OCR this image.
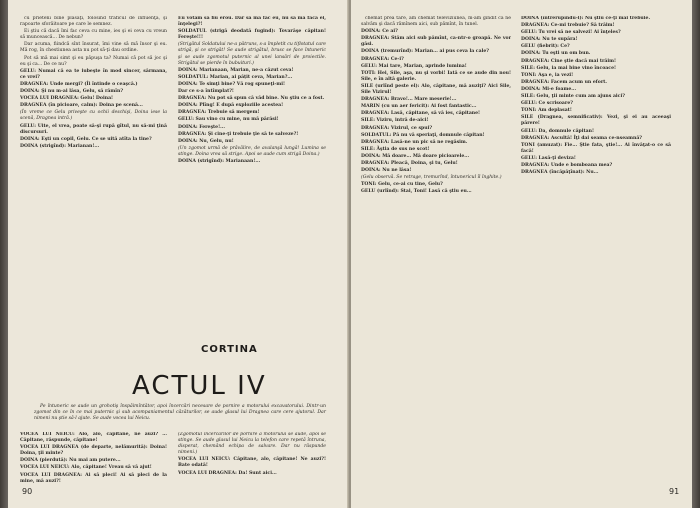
cu prieteni bine plasaţi, folosind traficul de influenţă, şi rapoarte sforăitoare pe care le semnez.

Ei ştiu că dacă îmi fac ceva cu mine, ies şi ei ceva cu vreun să muncească... De nebun?

Dar acuma, fiindcă sînt însurat, îmi vine să mă însor şi eu. Mă rog, în chestiunea asta nu pot să-ţi dau ordine.

Pot să mă mai simt şi eu păpuşa ta? Numai că pot să joc şi eu şi ca... De ce nu?

GELU: Numai că ea te iubeşte în mod sincer, sărmana, ce vrei?

DRAGNEA: Unde mergi? (Îi întinde o ceaşcă.)

DOINA: Şi nu m-ai lăsa, Gelu, să rămîn?

VOCEA LUI DRAGNEA: Gelu! Doina!

DRAGNEA (în picioare, calm): Doina pe scenă...

(În vreme ce Gelu priveşte cu ochii deschişi, Doina iese la scenă, Dragnea intră.)

GELU: Uite, el vrea, poate să-şi rupă gîtul, nu să-mi ţină discursuri.

DOINA: Eşti un copil, Gelu. Ce se uită atîta la tine?

DOINA (strigînd): Marianan!...

Eu votam să fiu erou. Dar să mă fac eu, nu să mă facă ei, înţelegi?!

SOLDATUL (strigă deodată fugind): Tovarăşe căpitan! Fereşte!!!

(Strigătul Soldatului ne-a pătruns, s-a împletit cu tiflotatul care strigă, şi ce strigăt! Se aude strigătul, brusc se face întuneric şi se aude zgomotul puternic al unei lansări de proiectile. Strigătul se pierde în bubuituri.)

DOINA: Marianaan, Marian, ne-a căzut ceva!

SOLDATUL: Marian, ai pățit ceva, Marian?...

DOINA: Te simţi bine? Vă rog spuneţi-mi!

Dar ce s-a întîmplat?!

DRAGNEA: Nu pot să spun că văd bine. Nu ştiu ce a fost.

DOINA: Plîng! E după exploziile acestea!

DRAGNEA: Trebuie să mergem!

GELU: Sau vino cu mine, nu mă părăsi!

DOINA: Fereşte!...

DRAGNEA: Şi cine-ţi trebuie ţie să te salveze?!

DOINA: Nu, Gelu, nu!

(Un zgomot urmă de prăvălire, de avalanşă lungă! Lumina se stinge. Doina vrea să strige. Apoi se aude cum strigă Doina.)

DOINA (strigînd): Marianaan!...

CORTINA
ACTUL IV
Pe întuneric se aude un grohotiş înspăimîntător, apoi încercări necesare de pornire a motorului excavatorului. Dintr-un zgomot din ce în ce mai puternic şi sub acompaniamentul căzăturilor, se aude glasul lui Dragnea care cere ajutorul. Dar nimeni nu ştie să-l ajute. Se aude vocea lui Neicu.

VOCEA LUI NEICU: Alo, alo, căpitane, ne auzi? ... Căpitane, răspunde, căpitane!

VOCEA LUI DRAGNEA (de departe, nelămurită): Doina! Doina, ţii minte?

DOINA (pierdută): Nu mai am putere...

VOCEA LUI NEICU: Alo, căpitane! Vreau să vă ajut!

VOCEA LUI DRAGNEA: Ai să pleci! Ai să pleci de la mine, mă auzi?!

(Zgomotul încercărilor de pornire a motorului se aude, apoi se stinge. Se aude glasul lui Neicu la telefon care repetă întruna, disperat, chemând echipa de salvare. Dar nu răspunde nimeni.)

VOCEA LUI NEICU: Căpitane, alo, căpitane! Ne auzi?! Bate odată!

VOCEA LUI DRAGNEA: Da! Sunt aici...

90

chemat prea tare, am chemat televiziunea, m-am gîndit că ne salvăm şi dacă rămînem aici, sub pămînt, în tunel.

DOINA: Ce ai?

DRAGNEA: Stăm aici sub pămînt, ca-ntr-o groapă. Ne vor găsi.

DOINA (tremurînd): Marian... ai pus ceva la cale?

DRAGNEA: Ce-i?

GELU: Mai tare, Marian, aprinde lumina!

TOTI: Hei, Sile, aşa, nu şi vorbi! Iată ce se aude din nou! Sile, e în altă galerie.

SILE (urlînd peste el): Alo, căpitane, mă auziţi? Aici Sile, Sile Vizirul!

DRAGNEA: Bravo!... Mare meserie!...

MARIN (cu un aer fericit): Ai fost fantastic...

DRAGNEA: Lasă, căpitane, să vă ies, căpitane!

SILE: Viziru, intră de-aici!

DRAGNEA: Vizirul, ce spui?

SOLDATUL: Pă nu vă speriaţi, domnule căpitan!

DRAGNEA: Lasă-ne un pic să ne regăsim.

SILE: Ăştia de sus ne scot!

DOINA: Mă doare... Mă doare picioarele...

DRAGNEA: Pleacă, Doina, şi tu, Gelu!

DOINA: Nu ne lăsa!

(Gelu observă. Se retrage, tremurînd, întunericul îl înghite.)

TONI: Gelu, ce-ai cu tine, Gelu?

GELU (urlînd): Stai, Toni! Lasă că ştiu eu...

DOINA (întrerupîndu-l): Nu ştiu ce-ţi mai trebuie.

DRAGNEA: Ce-mi trebuie? Să trăim!

GELU: Tu vrei să ne salvezi! Ai înţeles?

DOINA: Nu te supăra!

GELU (fiebrit): Ce?

DOINA: Tu eşti un om bun.

DRAGNEA: Cine ştie dacă mai trăim!

SILE: Gelu, ia mai bine vino încoace!

TONI: Aşa e, ia vezi!

DRAGNEA: Facem acum un efort.

DOINA: Mi-e foame...

SILE: Gelu, ţii minte cum am ajuns aici?

GELU: Ce scrisoare?

TONI: Am deplasat!

SILE (Dragnea, semnificativ): Vezi, şi ei au aceeaşi părere!

GELU: Da, domnule căpitan!

DRAGNEA: Ascultă! Îţi dai seama ce-nseamnă?

TONI (amuzat): Fie... Ştie fata, ştie!... Ai învăţat-o ce să facă!

GELU: Lasă-ţi deviza!

DRAGNEA: Unde e bomboana mea?

DRAGNEA (încăpăţînat): Nu...

91
